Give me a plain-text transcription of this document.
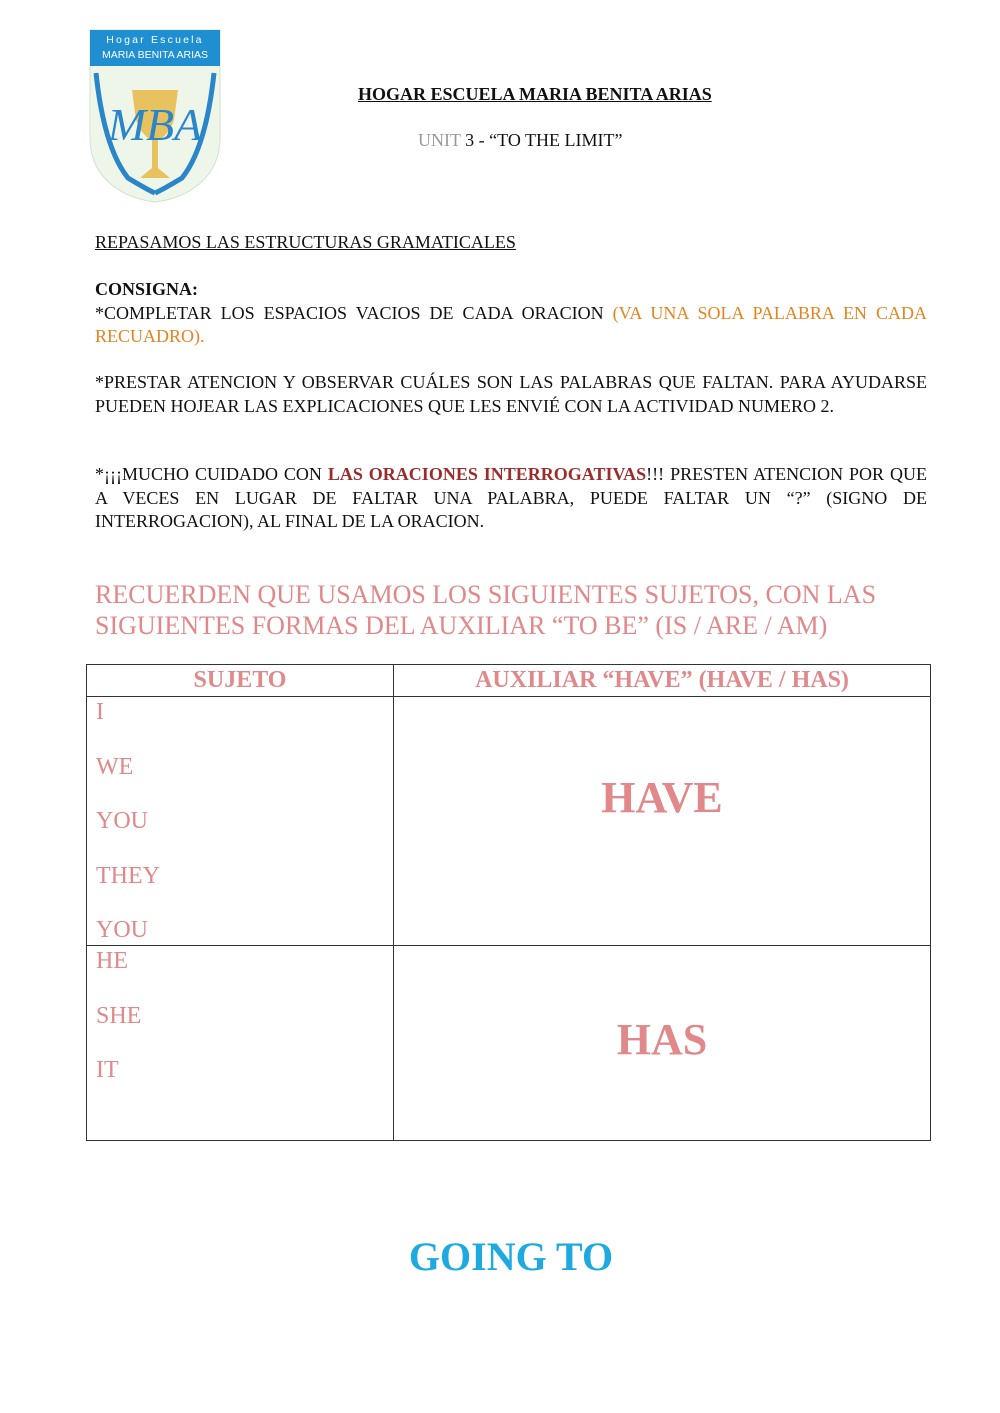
Hogar Escuela
MARIA BENITA ARIAS
MBA
HOGAR ESCUELA MARIA BENITA ARIAS
UNIT 3 - “TO THE LIMIT”
REPASAMOS LAS ESTRUCTURAS GRAMATICALES
CONSIGNA:
*COMPLETAR LOS ESPACIOS VACIOS DE CADA ORACION (VA UNA SOLA PALABRA EN CADA RECUADRO).

*PRESTAR ATENCION Y OBSERVAR CUÁLES SON LAS PALABRAS QUE FALTAN. PARA AYUDARSE PUEDEN HOJEAR LAS EXPLICACIONES QUE LES ENVIÉ CON LA ACTIVIDAD NUMERO 2.

*¡¡¡MUCHO CUIDADO CON LAS ORACIONES INTERROGATIVAS!!! PRESTEN ATENCION POR QUE A VECES EN LUGAR DE FALTAR UNA PALABRA, PUEDE FALTAR UN “?” (SIGNO DE INTERROGACION), AL FINAL DE LA ORACION.

RECUERDEN QUE USAMOS LOS SIGUIENTES SUJETOS, CON LAS SIGUIENTES FORMAS DEL AUXILIAR “TO BE” (IS / ARE / AM)

SUJETO	AUXILIAR “HAVE” (HAVE / HAS)

I
WE
YOU
THEY
YOU	HAVE

HE
SHE
IT	HAS
GOING TO
